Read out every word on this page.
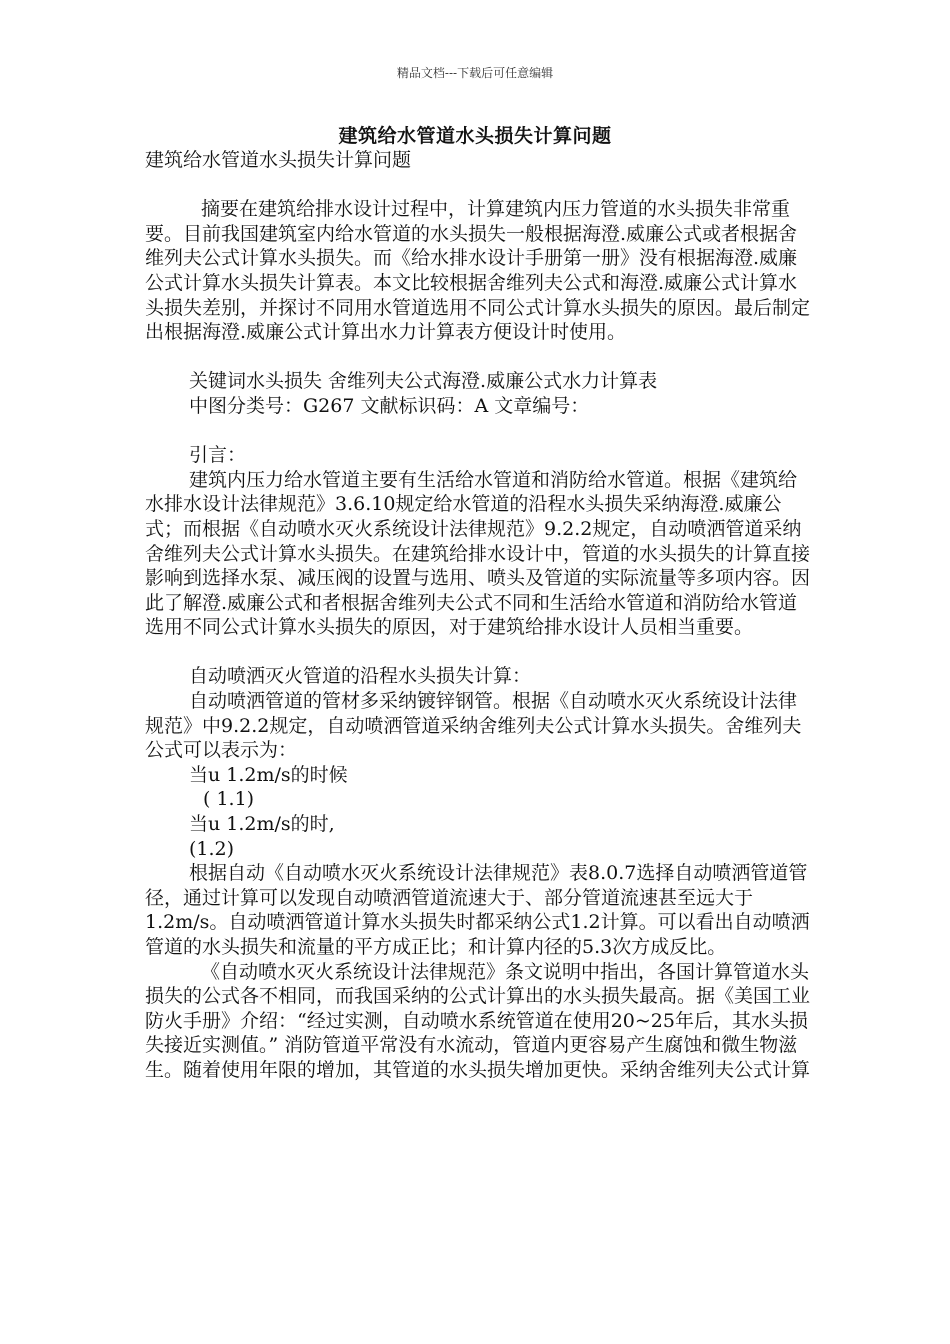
精品文档---下载后可任意编辑
建筑给水管道水头损失计算问题

建筑给水管道水头损失计算问题

摘要在建筑给排水设计过程中，计算建筑内压力管道的水头损失非常重要。目前我国建筑室内给水管道的水头损失一般根据海澄.威廉公式或者根据舍维列夫公式计算水头损失。而《给水排水设计手册第一册》没有根据海澄.威廉公式计算水头损失计算表。本文比较根据舍维列夫公式和海澄.威廉公式计算水头损失差别，并探讨不同用水管道选用不同公式计算水头损失的原因。最后制定出根据海澄.威廉公式计算出水力计算表方便设计时使用。

关键词水头损失 舍维列夫公式海澄.威廉公式水力计算表

中图分类号：G267 文献标识码：A 文章编号：

引言：

建筑内压力给水管道主要有生活给水管道和消防给水管道。根据《建筑给水排水设计法律规范》3.6.10规定给水管道的沿程水头损失采纳海澄.威廉公式；而根据《自动喷水灭火系统设计法律规范》9.2.2规定，自动喷洒管道采纳舍维列夫公式计算水头损失。在建筑给排水设计中，管道的水头损失的计算直接影响到选择水泵、减压阀的设置与选用、喷头及管道的实际流量等多项内容。因此了解澄.威廉公式和者根据舍维列夫公式不同和生活给水管道和消防给水管道选用不同公式计算水头损失的原因，对于建筑给排水设计人员相当重要。

自动喷洒灭火管道的沿程水头损失计算：

自动喷洒管道的管材多采纳镀锌钢管。根据《自动喷水灭火系统设计法律规范》中9.2.2规定，自动喷洒管道采纳舍维列夫公式计算水头损失。舍维列夫公式可以表示为：

当u 1.2m/s的时候

( 1.1)

当u 1.2m/s的时,

(1.2)

根据自动《自动喷水灭火系统设计法律规范》表8.0.7选择自动喷洒管道管径，通过计算可以发现自动喷洒管道流速大于、部分管道流速甚至远大于1.2m/s。自动喷洒管道计算水头损失时都采纳公式1.2计算。可以看出自动喷洒管道的水头损失和流量的平方成正比；和计算内径的5.3次方成反比。

《自动喷水灭火系统设计法律规范》条文说明中指出，各国计算管道水头损失的公式各不相同，而我国采纳的公式计算出的水头损失最高。据《美国工业防火手册》介绍：“经过实测，自动喷水系统管道在使用20~25年后，其水头损失接近实测值。” 消防管道平常没有水流动，管道内更容易产生腐蚀和微生物滋生。随着使用年限的增加，其管道的水头损失增加更快。采纳舍维列夫公式计算
